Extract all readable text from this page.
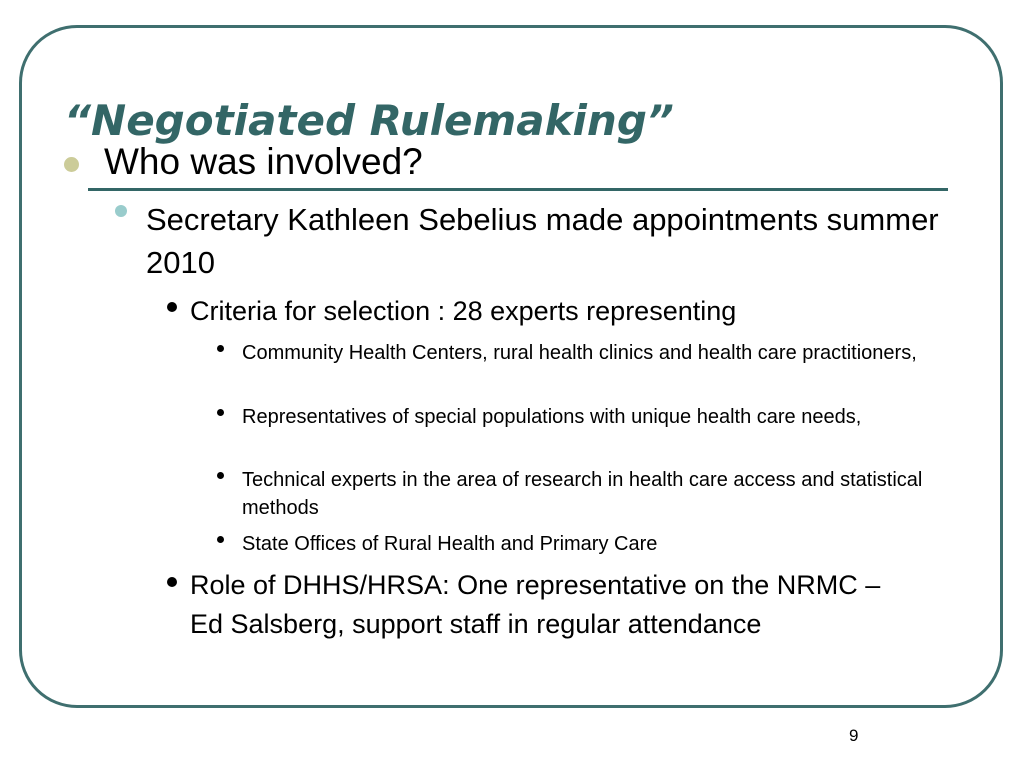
“Negotiated Rulemaking”
Who was involved?
Secretary Kathleen Sebelius made appointments summer 2010
Criteria for selection : 28 experts representing
Community Health Centers, rural health clinics and health care practitioners,
Representatives of special populations with unique health care needs,
Technical experts in the area of research in health care access and statistical methods
State Offices of Rural Health and Primary Care
Role of DHHS/HRSA: One representative on the NRMC – Ed Salsberg, support staff in regular attendance
9
